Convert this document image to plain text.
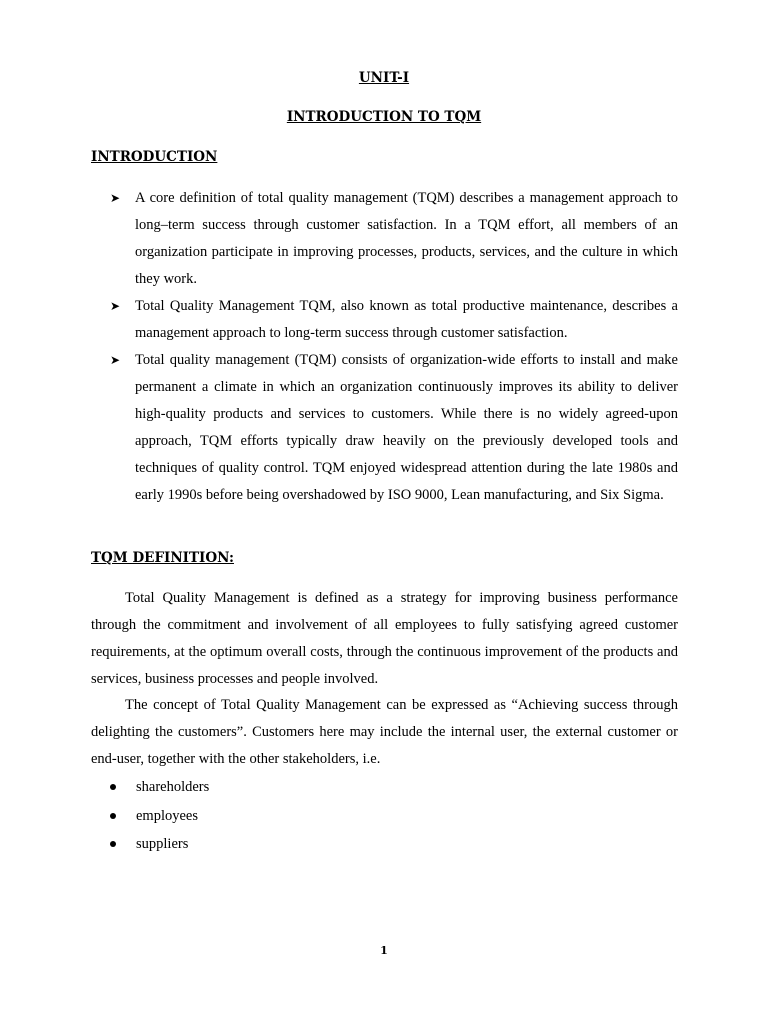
UNIT-I
INTRODUCTION TO TQM
INTRODUCTION
➤ A core definition of total quality management (TQM) describes a management approach to long–term success through customer satisfaction. In a TQM effort, all members of an organization participate in improving processes, products, services, and the culture in which they work.
➤ Total Quality Management TQM, also known as total productive maintenance, describes a management approach to long-term success through customer satisfaction.
➤ Total quality management (TQM) consists of organization-wide efforts to install and make permanent a climate in which an organization continuously improves its ability to deliver high-quality products and services to customers. While there is no widely agreed-upon approach, TQM efforts typically draw heavily on the previously developed tools and techniques of quality control. TQM enjoyed widespread attention during the late 1980s and early 1990s before being overshadowed by ISO 9000, Lean manufacturing, and Six Sigma.
TQM DEFINITION:

Total Quality Management is defined as a strategy for improving business performance through the commitment and involvement of all employees to fully satisfying agreed customer requirements, at the optimum overall costs, through the continuous improvement of the products and services, business processes and people involved.

The concept of Total Quality Management can be expressed as “Achieving success through delighting the customers”. Customers here may include the internal user, the external customer or end-user, together with the other stakeholders, i.e.

shareholders
employees
suppliers
1
